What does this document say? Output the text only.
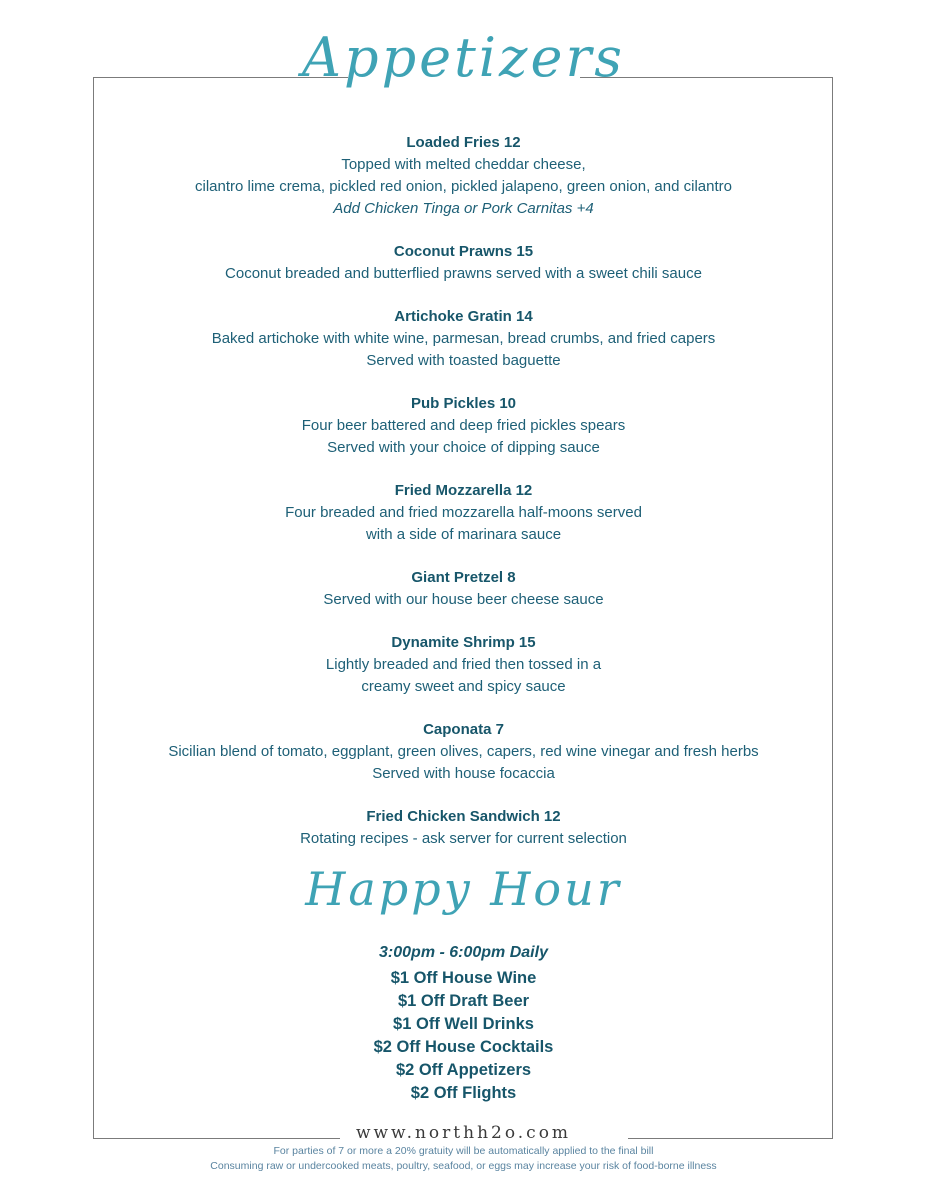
Appetizers
Loaded Fries 12
Topped with melted cheddar cheese,
cilantro lime crema, pickled red onion, pickled jalapeno, green onion, and cilantro
Add Chicken Tinga or Pork Carnitas +4
Coconut Prawns 15
Coconut breaded and butterflied prawns served with a sweet chili sauce
Artichoke Gratin 14
Baked artichoke with white wine, parmesan, bread crumbs, and fried capers
Served with toasted baguette
Pub Pickles 10
Four beer battered and deep fried pickles spears
Served with your choice of dipping sauce
Fried Mozzarella 12
Four breaded and fried mozzarella half-moons served
with a side of marinara sauce
Giant Pretzel 8
Served with our house beer cheese sauce
Dynamite Shrimp 15
Lightly breaded and fried then tossed in a
creamy sweet and spicy sauce
Caponata 7
Sicilian blend of tomato, eggplant, green olives, capers, red wine vinegar and fresh herbs
Served with house focaccia
Fried Chicken Sandwich 12
Rotating recipes - ask server for current selection
Happy Hour
3:00pm - 6:00pm Daily
$1 Off House Wine
$1 Off Draft Beer
$1 Off Well Drinks
$2 Off House Cocktails
$2 Off Appetizers
$2 Off Flights
www.northh2o.com
For parties of 7 or more a 20% gratuity will be automatically applied to the final bill
Consuming raw or undercooked meats, poultry, seafood, or eggs may increase your risk of food-borne illness
